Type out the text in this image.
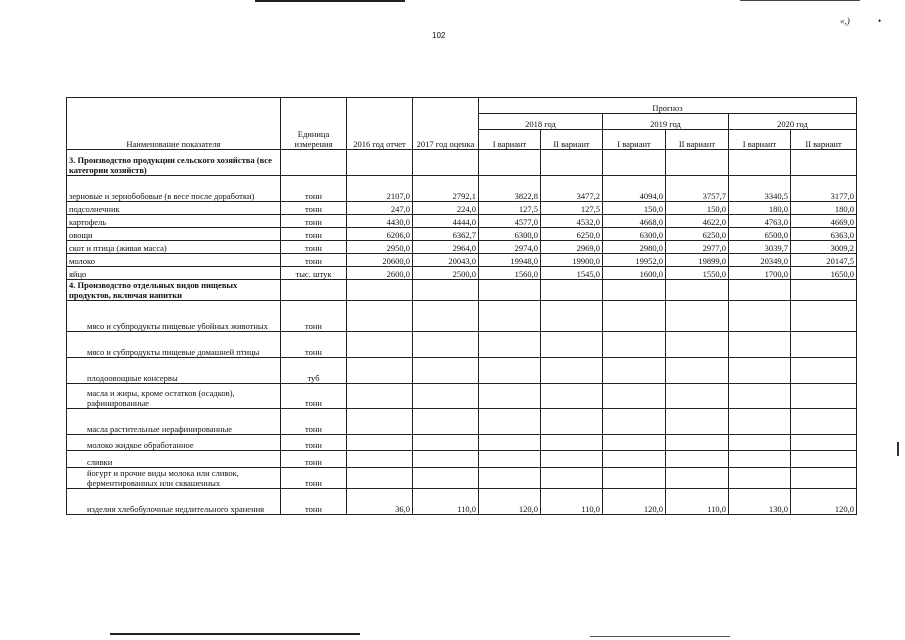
«,)	•
102
Наименование показателя	Единица измерения	2016 год отчет	2017 год оценка	Прогноз					
				2018 год		2019 год		2020 год	
				I вариант	II вариант	I вариант	II вариант	I вариант	II вариант
3. Производство продукции сельского хозяйства (все категории хозяйств)									
зерновые и зернобобовые (в весе после доработки)	тонн	2107,0	2792,1	3822,8	3477,2	4094,0	3757,7	3340,5	3177,0
подсолнечник	тонн	247,0	224,0	127,5	127,5	150,0	150,0	180,0	180,0
картофель	тонн	4430,0	4444,0	4577,0	4532,0	4668,0	4622,0	4763,0	4669,0
овощи	тонн	6206,0	6362,7	6300,0	6250,0	6300,0	6250,0	6500,0	6363,0
скот и птица (живая масса)	тонн	2950,0	2964,0	2974,0	2969,0	2980,0	2977,0	3039,7	3009,2
молоко	тонн	20600,0	20043,0	19948,0	19900,0	19952,0	19899,0	20349,0	20147,5
яйцо	тыс. штук	2600,0	2500,0	1560,0	1545,0	1600,0	1550,0	1700,0	1650,0
4. Производство отдельных видов пищевых продуктов, включая напитки									
мясо и субпродукты пищевые убойных животных	тонн								
мясо и субпродукты пищевые домашней птицы	тонн								
плодоовощные консервы	туб								
масла и жиры, кроме остатков (осадков), рафинированные	тонн								
масла растительные нерафинированные	тонн								
молоко жидкое обработанное	тонн								
сливки	тонн								
йогурт и прочие виды молока или сливок, ферментированных или сквашенных	тонн								
изделия хлебобулочные недлительного хранения	тонн	36,0	110,0	120,0	110,0	120,0	110,0	130,0	120,0
